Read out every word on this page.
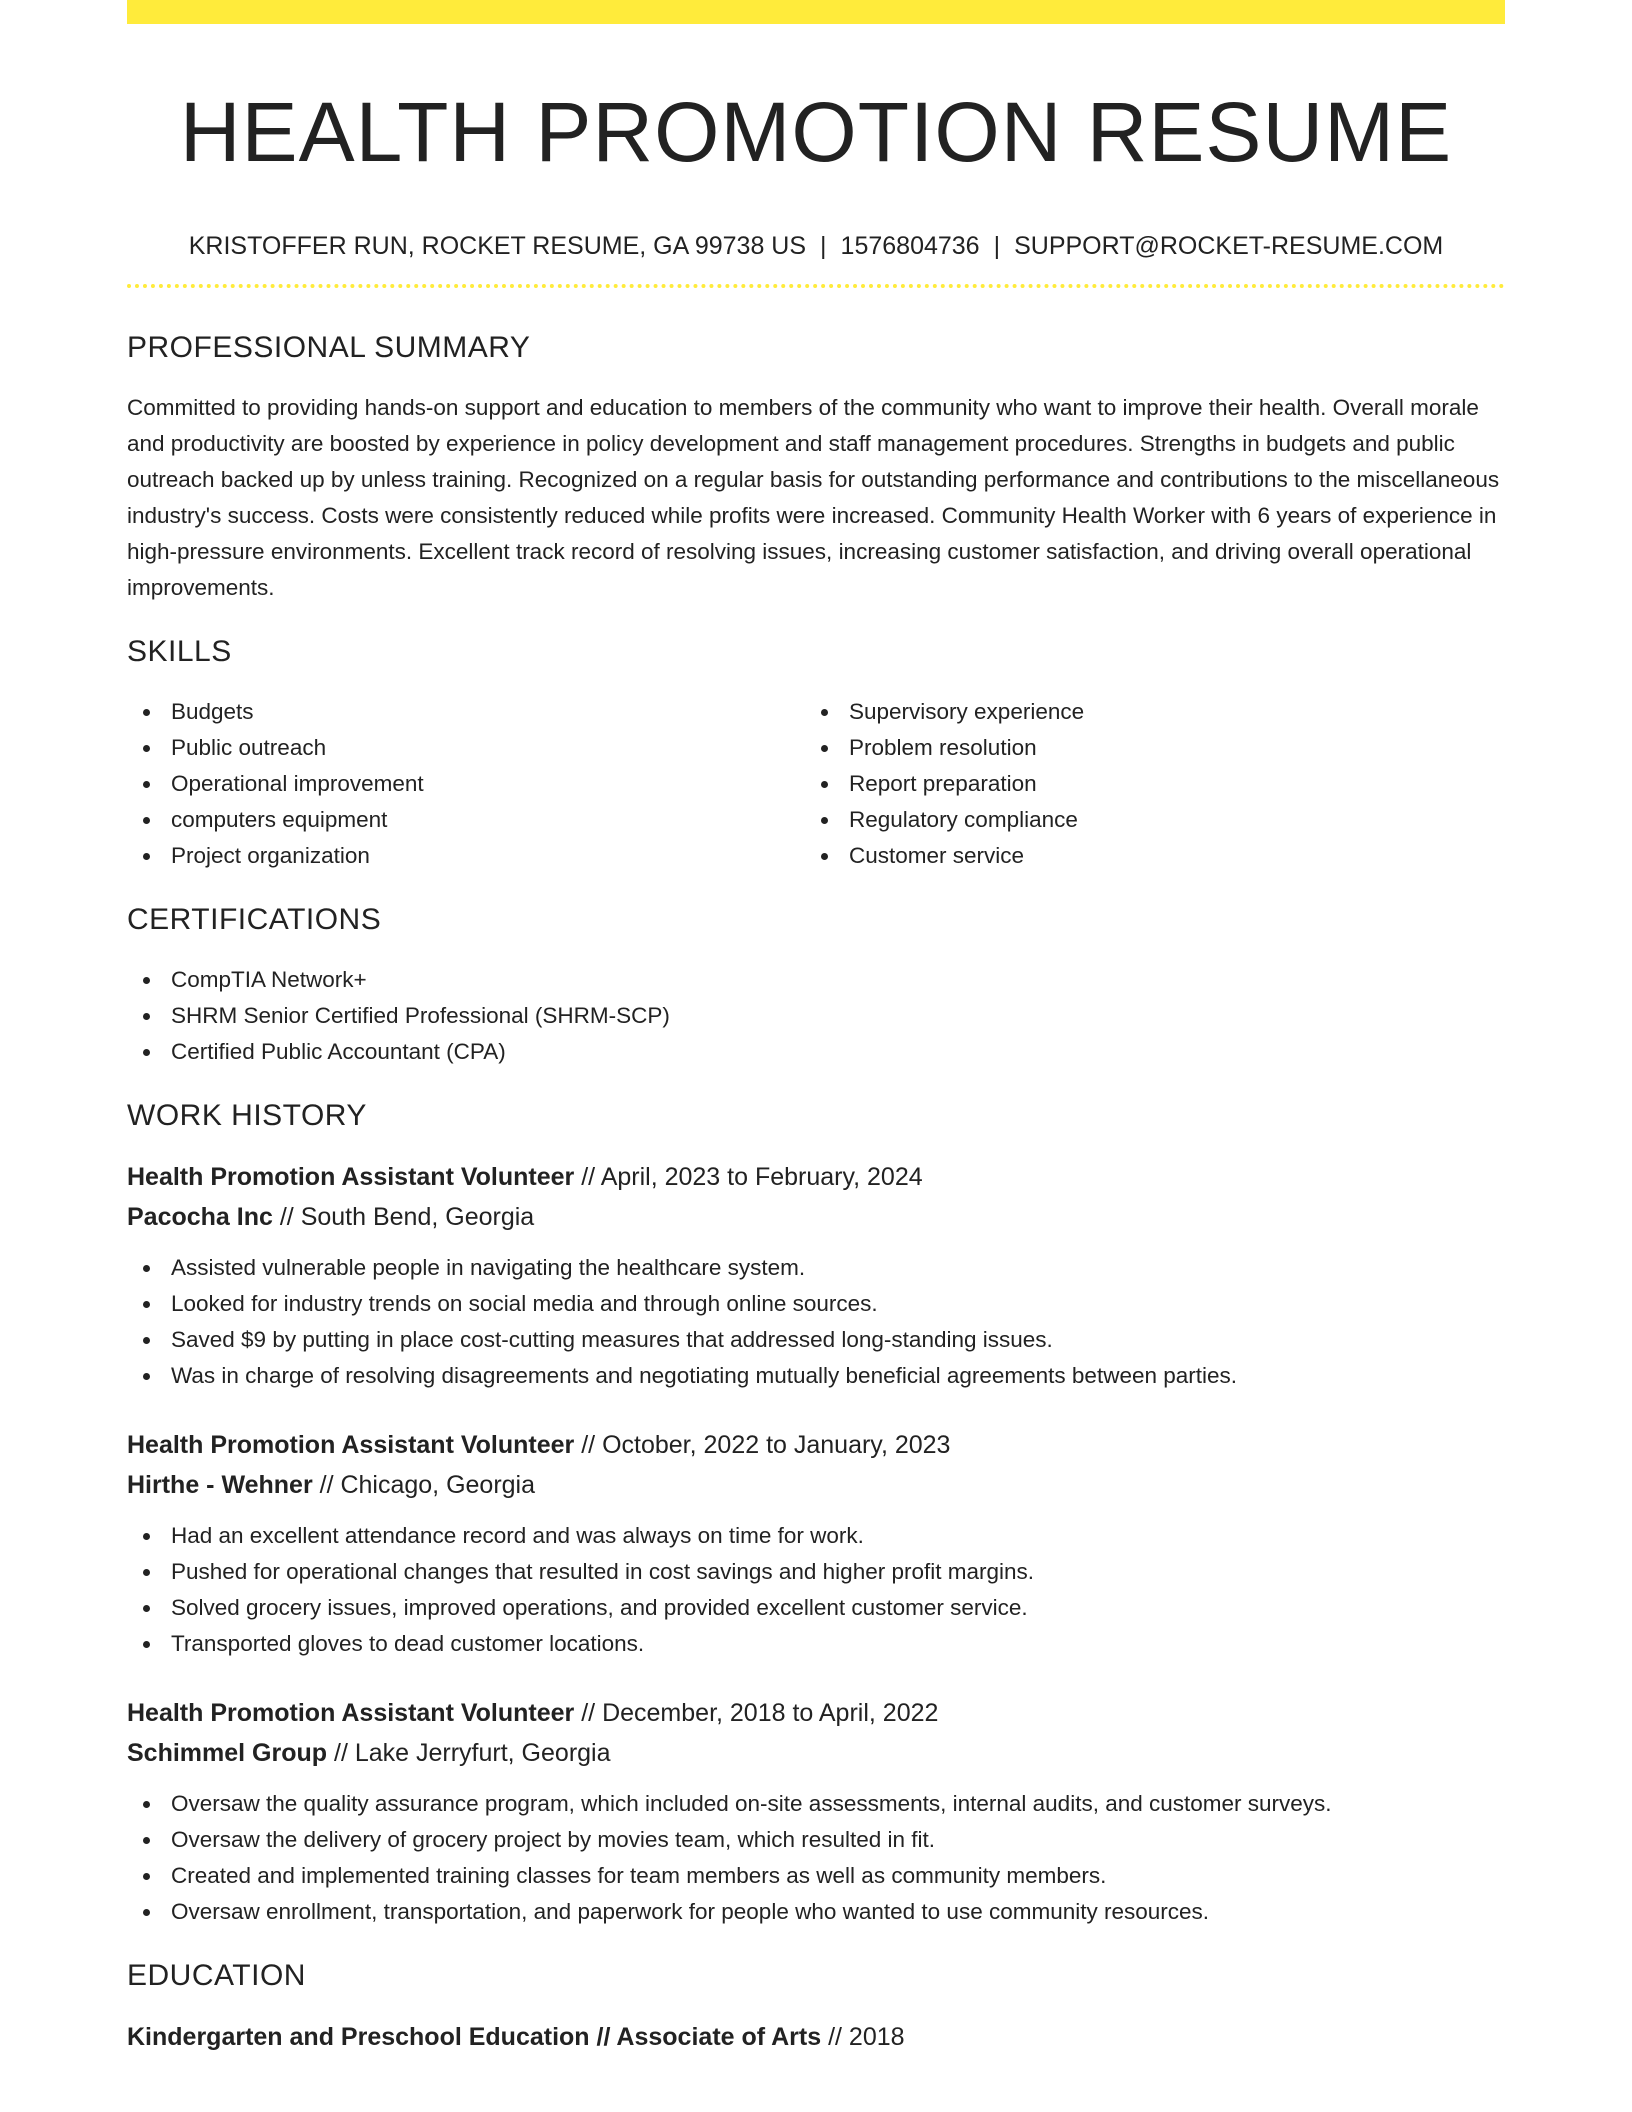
HEALTH PROMOTION RESUME
KRISTOFFER RUN, ROCKET RESUME, GA 99738 US | 1576804736 | SUPPORT@ROCKET-RESUME.COM
PROFESSIONAL SUMMARY

Committed to providing hands-on support and education to members of the community who want to improve their health. Overall morale and productivity are boosted by experience in policy development and staff management procedures. Strengths in budgets and public outreach backed up by unless training. Recognized on a regular basis for outstanding performance and contributions to the miscellaneous industry's success. Costs were consistently reduced while profits were increased. Community Health Worker with 6 years of experience in high-pressure environments. Excellent track record of resolving issues, increasing customer satisfaction, and driving overall operational improvements.

SKILLS
Budgets
Public outreach
Operational improvement
computers equipment
Project organization
Supervisory experience
Problem resolution
Report preparation
Regulatory compliance
Customer service
CERTIFICATIONS
CompTIA Network+
SHRM Senior Certified Professional (SHRM-SCP)
Certified Public Accountant (CPA)
WORK HISTORY
Health Promotion Assistant Volunteer // April, 2023 to February, 2024
Pacocha Inc // South Bend, Georgia
Assisted vulnerable people in navigating the healthcare system.
Looked for industry trends on social media and through online sources.
Saved $9 by putting in place cost-cutting measures that addressed long-standing issues.
Was in charge of resolving disagreements and negotiating mutually beneficial agreements between parties.
Health Promotion Assistant Volunteer // October, 2022 to January, 2023
Hirthe - Wehner // Chicago, Georgia
Had an excellent attendance record and was always on time for work.
Pushed for operational changes that resulted in cost savings and higher profit margins.
Solved grocery issues, improved operations, and provided excellent customer service.
Transported gloves to dead customer locations.
Health Promotion Assistant Volunteer // December, 2018 to April, 2022
Schimmel Group // Lake Jerryfurt, Georgia
Oversaw the quality assurance program, which included on-site assessments, internal audits, and customer surveys.
Oversaw the delivery of grocery project by movies team, which resulted in fit.
Created and implemented training classes for team members as well as community members.
Oversaw enrollment, transportation, and paperwork for people who wanted to use community resources.
EDUCATION
Kindergarten and Preschool Education // Associate of Arts // 2018
